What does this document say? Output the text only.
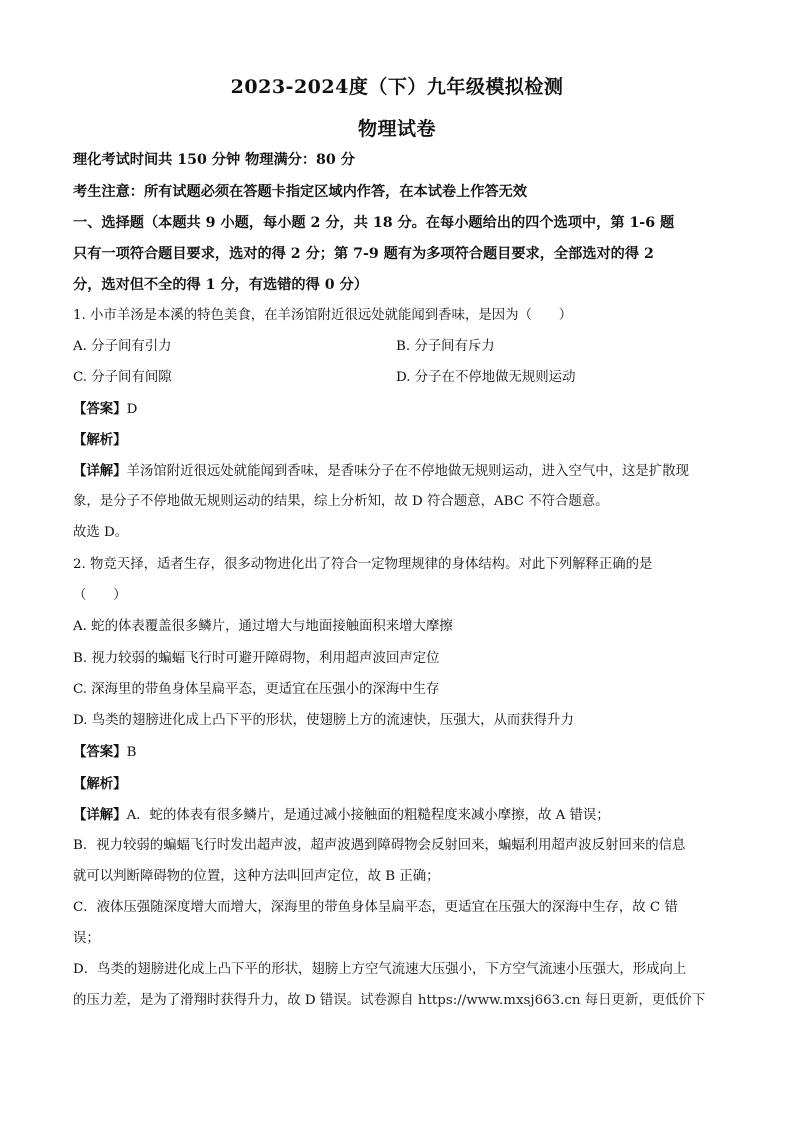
2023-2024度（下）九年级模拟检测
物理试卷
理化考试时间共 150 分钟 物理满分：80 分
考生注意：所有试题必须在答题卡指定区域内作答，在本试卷上作答无效
一、选择题（本题共 9 小题，每小题 2 分，共 18 分。在每小题给出的四个选项中，第 1-6 题
只有一项符合题目要求，选对的得 2 分；第 7-9 题有为多项符合题目要求，全部选对的得 2
分，选对但不全的得 1 分，有选错的得 0 分）
1. 小市羊汤是本溪的特色美食，在羊汤馆附近很远处就能闻到香味，是因为（　　）
A. 分子间有引力	B. 分子间有斥力
C. 分子间有间隙	D. 分子在不停地做无规则运动
【答案】D
【解析】
【详解】羊汤馆附近很远处就能闻到香味，是香味分子在不停地做无规则运动，进入空气中，这是扩散现
象，是分子不停地做无规则运动的结果，综上分析知，故 D 符合题意，ABC 不符合题意。
故选 D。
2. 物竞天择，适者生存，很多动物进化出了符合一定物理规律的身体结构。对此下列解释正确的是
（　　）
A. 蛇的体表覆盖很多鳞片，通过增大与地面接触面积来增大摩擦
B. 视力较弱的蝙蝠飞行时可避开障碍物，利用超声波回声定位
C. 深海里的带鱼身体呈扁平态，更适宜在压强小的深海中生存
D. 鸟类的翅膀进化成上凸下平的形状，使翅膀上方的流速快，压强大，从而获得升力
【答案】B
【解析】
【详解】A．蛇的体表有很多鳞片，是通过减小接触面的粗糙程度来减小摩擦，故 A 错误；
B．视力较弱的蝙蝠飞行时发出超声波，超声波遇到障碍物会反射回来，蝙蝠利用超声波反射回来的信息
就可以判断障碍物的位置，这种方法叫回声定位，故 B 正确；
C．液体压强随深度增大而增大，深海里的带鱼身体呈扁平态，更适宜在压强大的深海中生存，故 C 错
误；
D．鸟类的翅膀进化成上凸下平的形状，翅膀上方空气流速大压强小，下方空气流速小压强大，形成向上
的压力差，是为了滑翔时获得升力，故 D 错误。试卷源自 https://www.mxsj663.cn 每日更新，更低价下
